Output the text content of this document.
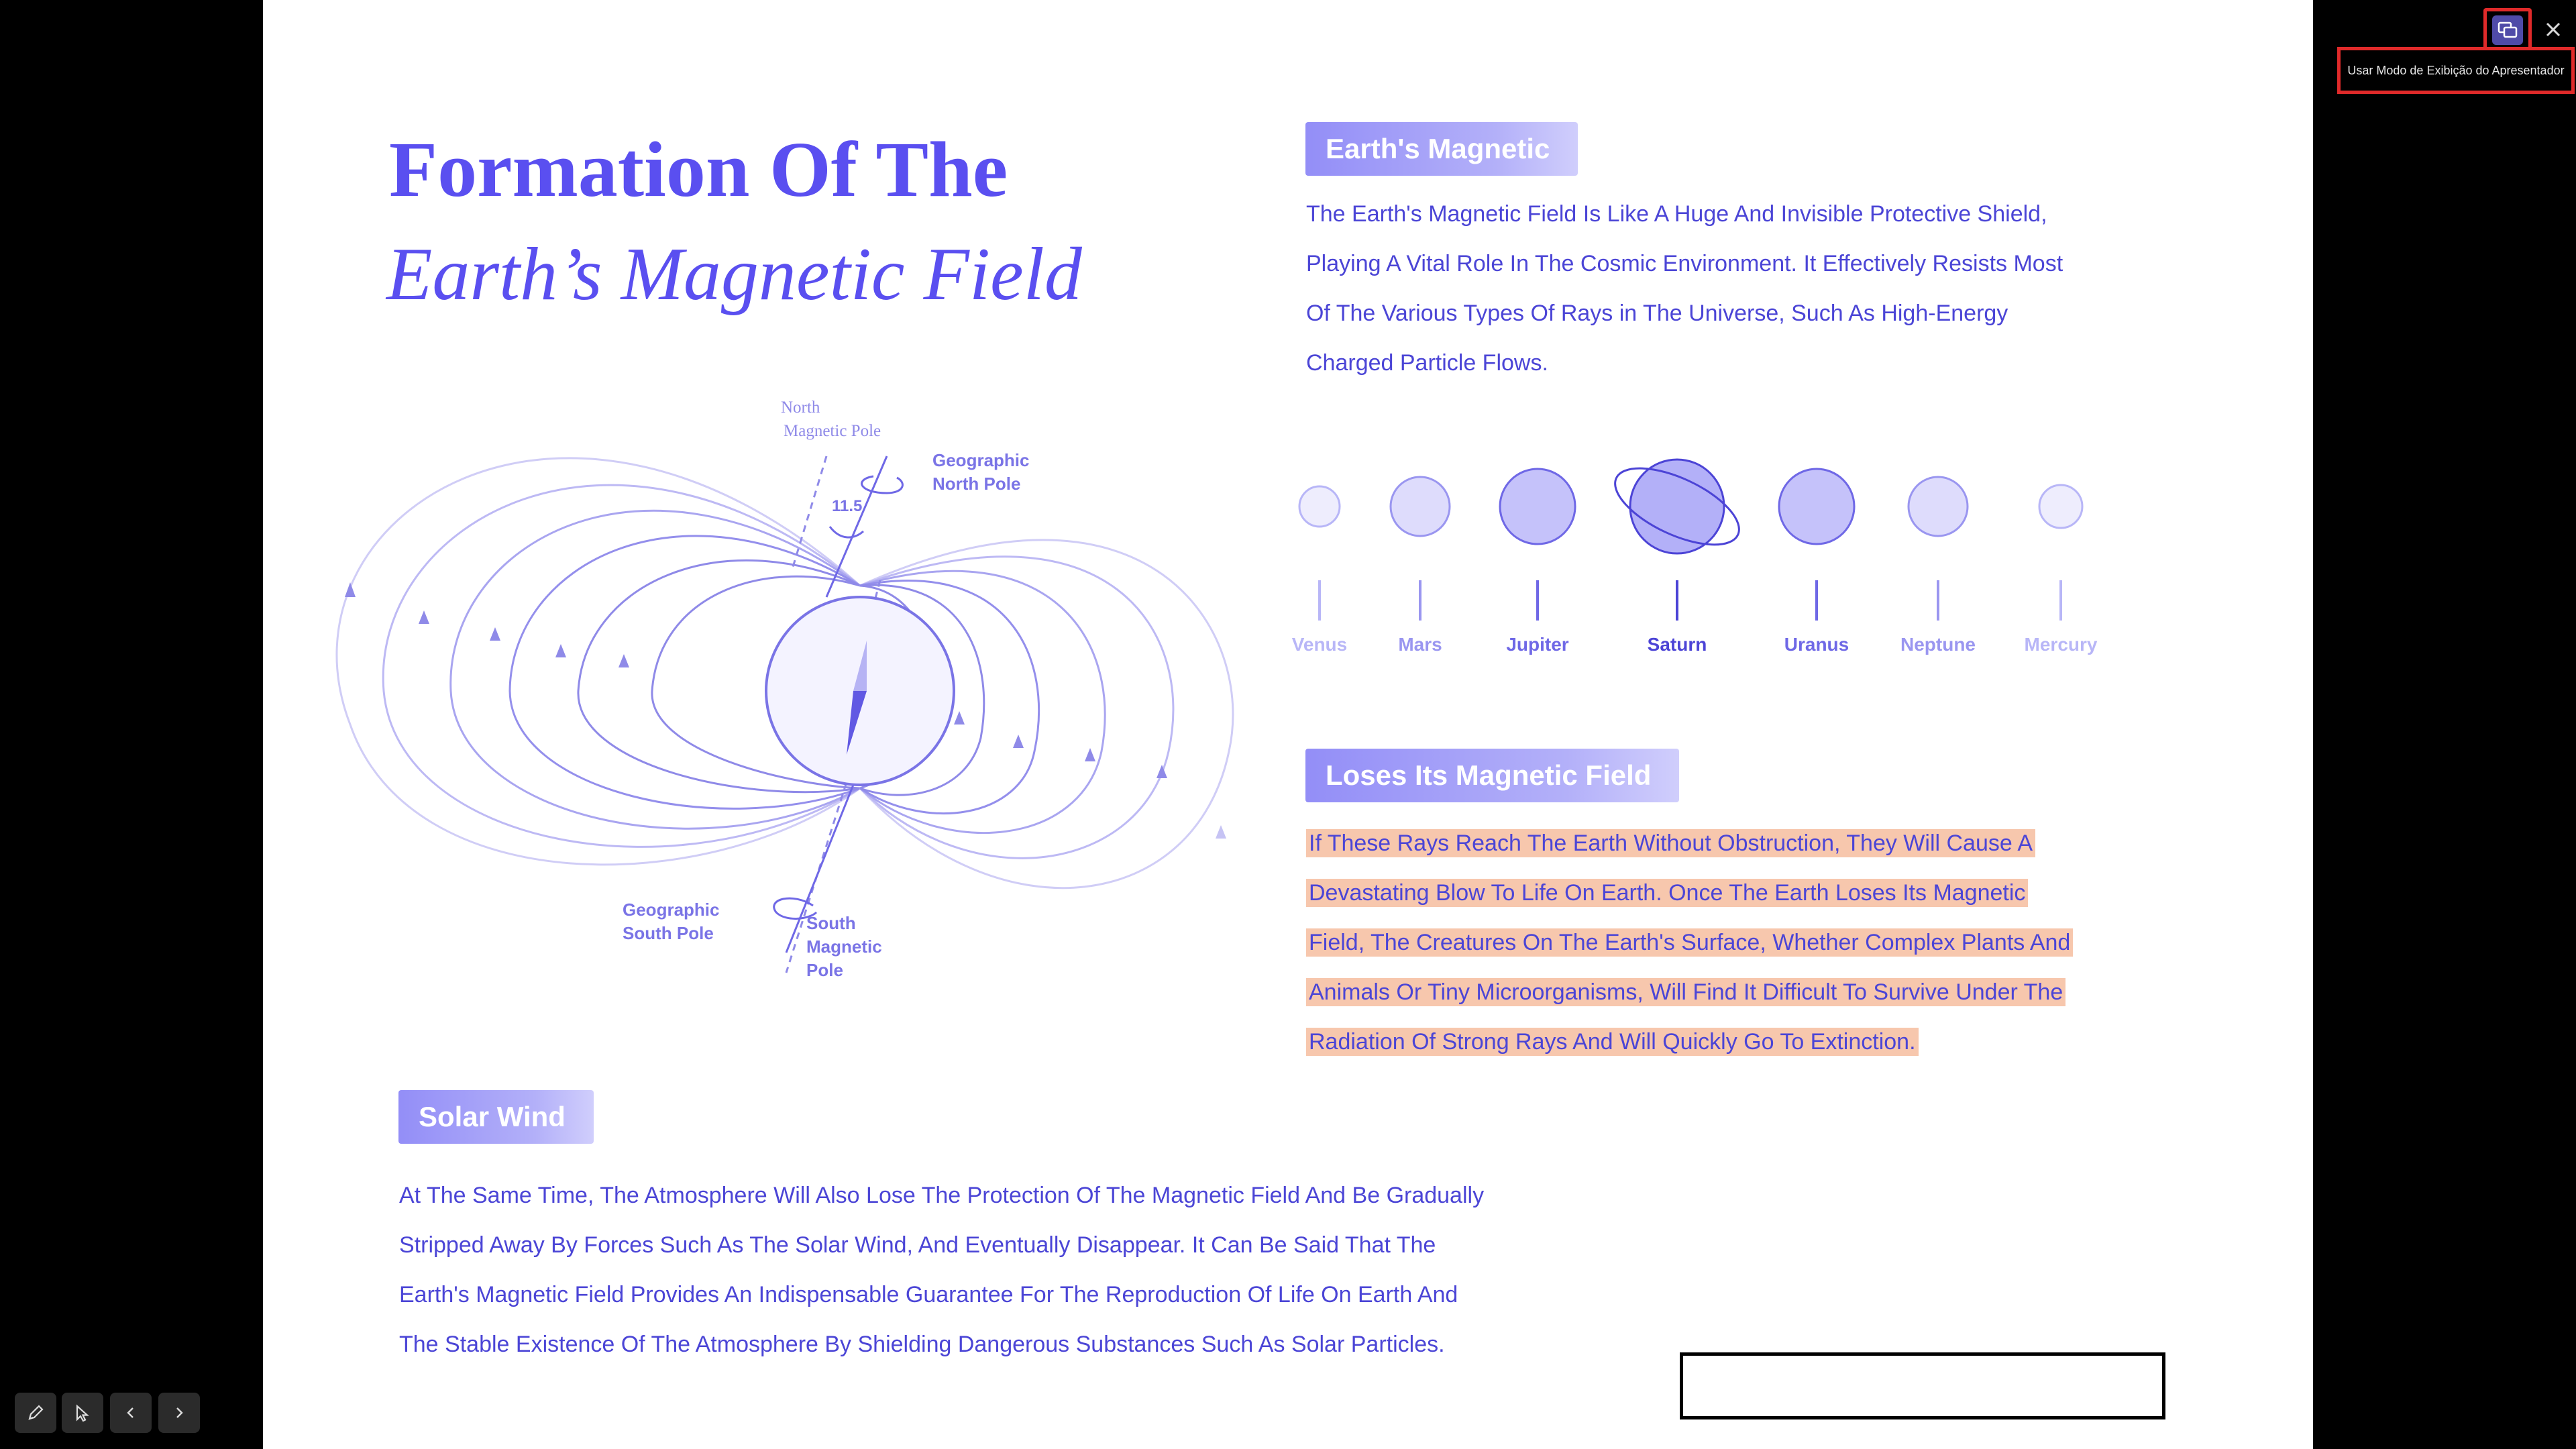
Formation Of The
Earth’s Magnetic Field
North
Magnetic Pole
Geographic
North Pole
11.5
Geographic
South Pole	South
Magnetic
Pole
Earth's Magnetic

The Earth's Magnetic Field Is Like A Huge And Invisible Protective Shield,

Playing A Vital Role In The Cosmic Environment. It Effectively Resists Most

Of The Various Types Of Rays in The Universe, Such As High-Energy

Charged Particle Flows.

Venus	Mars	Jupiter	Saturn	Uranus	Neptune	Mercury
Loses Its Magnetic Field

If These Rays Reach The Earth Without Obstruction, They Will Cause A

Devastating Blow To Life On Earth. Once The Earth Loses Its Magnetic

Field, The Creatures On The Earth's Surface, Whether Complex Plants And

Animals Or Tiny Microorganisms, Will Find It Difficult To Survive Under The

Radiation Of Strong Rays And Will Quickly Go To Extinction.

Solar Wind

At The Same Time, The Atmosphere Will Also Lose The Protection Of The Magnetic Field And Be Gradually

Stripped Away By Forces Such As The Solar Wind, And Eventually Disappear. It Can Be Said That The

Earth's Magnetic Field Provides An Indispensable Guarantee For The Reproduction Of Life On Earth And

The Stable Existence Of The Atmosphere By Shielding Dangerous Substances Such As Solar Particles.

Usar Modo de Exibição do Apresentador
